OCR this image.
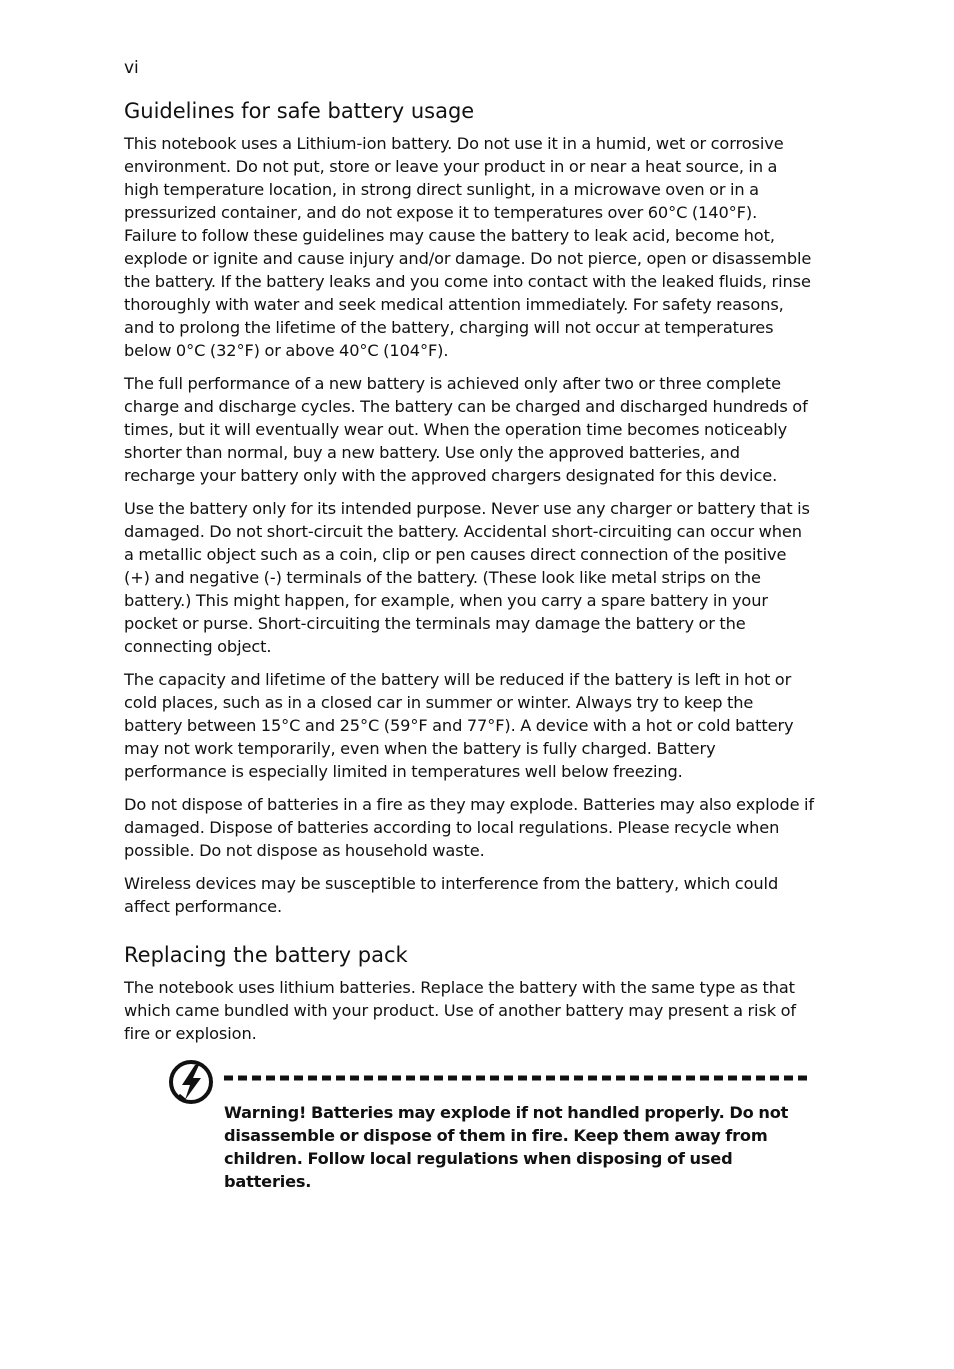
vi
Guidelines for safe battery usage

This notebook uses a Lithium-ion battery. Do not use it in a humid, wet or corrosive environment. Do not put, store or leave your product in or near a heat source, in a high temperature location, in strong direct sunlight, in a microwave oven or in a pressurized container, and do not expose it to temperatures over 60°C (140°F). Failure to follow these guidelines may cause the battery to leak acid, become hot, explode or ignite and cause injury and/or damage. Do not pierce, open or disassemble the battery. If the battery leaks and you come into contact with the leaked fluids, rinse thoroughly with water and seek medical attention immediately. For safety reasons, and to prolong the lifetime of the battery, charging will not occur at temperatures below 0°C (32°F) or above 40°C (104°F).

The full performance of a new battery is achieved only after two or three complete charge and discharge cycles. The battery can be charged and discharged hundreds of times, but it will eventually wear out. When the operation time becomes noticeably shorter than normal, buy a new battery. Use only the approved batteries, and recharge your battery only with the approved chargers designated for this device.

Use the battery only for its intended purpose. Never use any charger or battery that is damaged. Do not short-circuit the battery. Accidental short-circuiting can occur when a metallic object such as a coin, clip or pen causes direct connection of the positive (+) and negative (-) terminals of the battery. (These look like metal strips on the battery.) This might happen, for example, when you carry a spare battery in your pocket or purse. Short-circuiting the terminals may damage the battery or the connecting object.

The capacity and lifetime of the battery will be reduced if the battery is left in hot or cold places, such as in a closed car in summer or winter. Always try to keep the battery between 15°C and 25°C (59°F and 77°F). A device with a hot or cold battery may not work temporarily, even when the battery is fully charged. Battery performance is especially limited in temperatures well below freezing.

Do not dispose of batteries in a fire as they may explode. Batteries may also explode if damaged. Dispose of batteries according to local regulations. Please recycle when possible. Do not dispose as household waste.

Wireless devices may be susceptible to interference from the battery, which could affect performance.

Replacing the battery pack

The notebook uses lithium batteries. Replace the battery with the same type as that which came bundled with your product. Use of another battery may present a risk of fire or explosion.

Warning! Batteries may explode if not handled properly. Do not disassemble or dispose of them in fire. Keep them away from children. Follow local regulations when disposing of used batteries.
